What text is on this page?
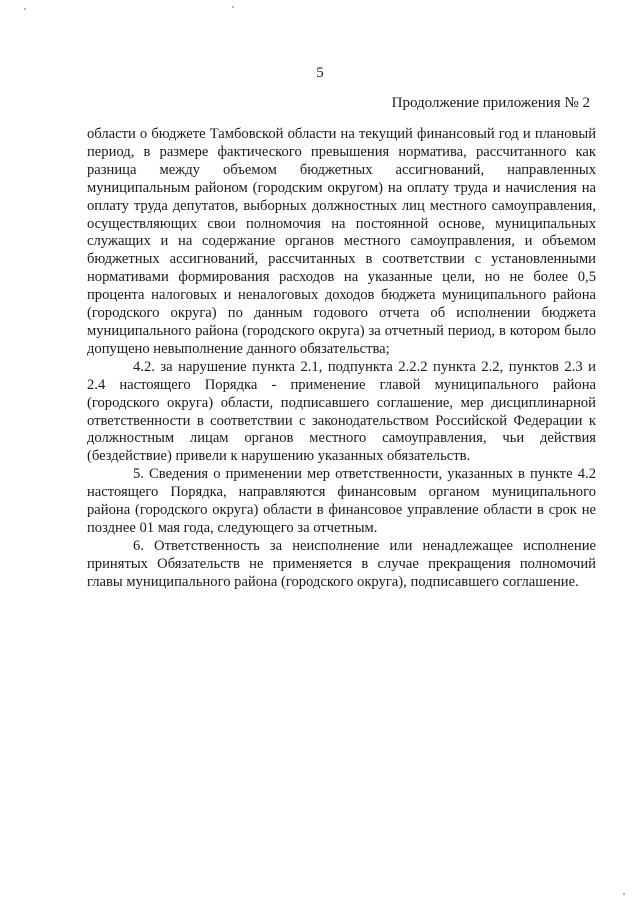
5
Продолжение приложения № 2

области о бюджете Тамбовской области на текущий финансовый год и плановый период, в размере фактического превышения норматива, рассчитанного как разница между объемом бюджетных ассигнований, направленных муниципальным районом (городским округом) на оплату труда и начисления на оплату труда депутатов, выборных должностных лиц местного самоуправления, осуществляющих свои полномочия на постоянной основе, муниципальных служащих и на содержание органов местного самоуправления, и объемом бюджетных ассигнований, рассчитанных в соответствии с установленными нормативами формирования расходов на указанные цели, но не более 0,5 процента налоговых и неналоговых доходов бюджета муниципального района (городского округа) по данным годового отчета об исполнении бюджета муниципального района (городского округа) за отчетный период, в котором было допущено невыполнение данного обязательства;

4.2. за нарушение пункта 2.1, подпункта 2.2.2 пункта 2.2, пунктов 2.3 и 2.4 настоящего Порядка - применение главой муниципального района (городского округа) области, подписавшего соглашение, мер дисциплинарной ответственности в соответствии с законодательством Российской Федерации к должностным лицам органов местного самоуправления, чьи действия (бездействие) привели к нарушению указанных обязательств.

5. Сведения о применении мер ответственности, указанных в пункте 4.2 настоящего Порядка, направляются финансовым органом муниципального района (городского округа) области в финансовое управление области в срок не позднее 01 мая года, следующего за отчетным.

6. Ответственность за неисполнение или ненадлежащее исполнение принятых Обязательств не применяется в случае прекращения полномочий главы муниципального района (городского округа), подписавшего соглашение.
